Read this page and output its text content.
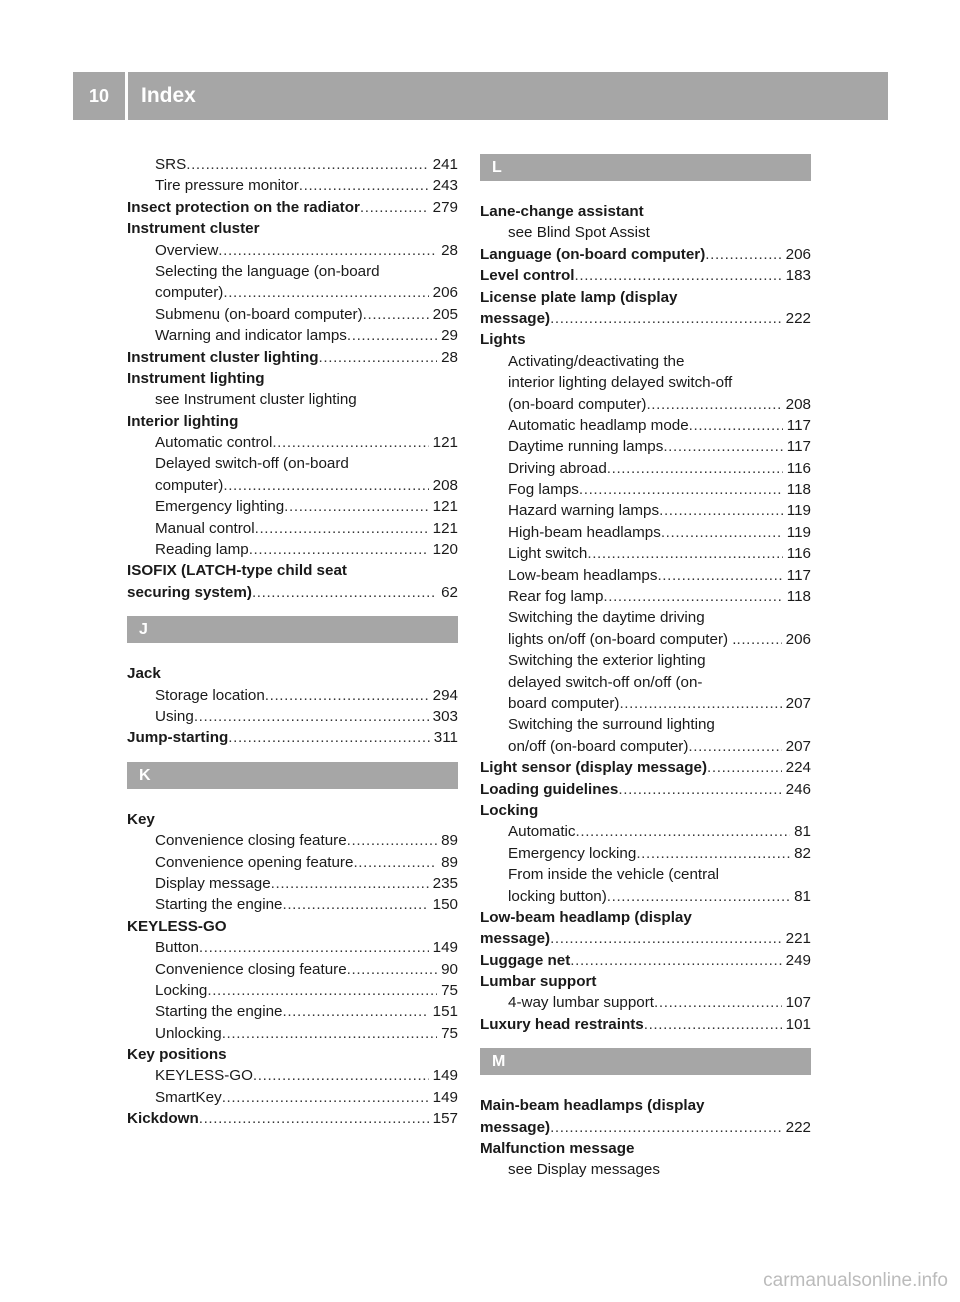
10	Index
SRS . . .	241
Tire pressure monitor . . .	243
Insect protection on the radiator . . .	279
Instrument cluster
Overview . . .	28
Selecting the language (on-board
computer) . . .	206
Submenu (on-board computer) . . .	205
Warning and indicator lamps . . .	29
Instrument cluster lighting . . .	28
Instrument lighting
see Instrument cluster lighting
Interior lighting
Automatic control . . .	121
Delayed switch-off (on-board
computer) . . .	208
Emergency lighting . . .	121
Manual control . . .	121
Reading lamp . . .	120
ISOFIX (LATCH-type child seat
securing system) . . .	62
J
Jack
Storage location . . .	294
Using . . .	303
Jump-starting . . .	311
K
Key
Convenience closing feature . . .	89
Convenience opening feature . . .	89
Display message . . .	235
Starting the engine . . .	150
KEYLESS-GO
Button . . .	149
Convenience closing feature . . .	90
Locking . . .	75
Starting the engine . . .	151
Unlocking . . .	75
Key positions
KEYLESS-GO . . .	149
SmartKey . . .	149
Kickdown . . .	157
L
Lane-change assistant
see Blind Spot Assist
Language (on-board computer) . . .	206
Level control . . .	183
License plate lamp (display
message) . . .	222
Lights
Activating/deactivating the
interior lighting delayed switch-off
(on-board computer) . . .	208
Automatic headlamp mode . . .	117
Daytime running lamps . . .	117
Driving abroad . . .	116
Fog lamps . . .	118
Hazard warning lamps . . .	119
High-beam headlamps . . .	119
Light switch . . .	116
Low-beam headlamps . . .	117
Rear fog lamp . . .	118
Switching the daytime driving
lights on/off (on-board computer) . . . .	206
Switching the exterior lighting
delayed switch-off on/off (on-
board computer) . . .	207
Switching the surround lighting
on/off (on-board computer) . . .	207
Light sensor (display message) . . .	224
Loading guidelines . . .	246
Locking
Automatic . . .	81
Emergency locking . . .	82
From inside the vehicle (central
locking button) . . .	81
Low-beam headlamp (display
message) . . .	221
Luggage net . . .	249
Lumbar support
4-way lumbar support . . .	107
Luxury head restraints . . .	101
M
Main-beam headlamps (display
message) . . .	222
Malfunction message
see Display messages
carmanualsonline.info
